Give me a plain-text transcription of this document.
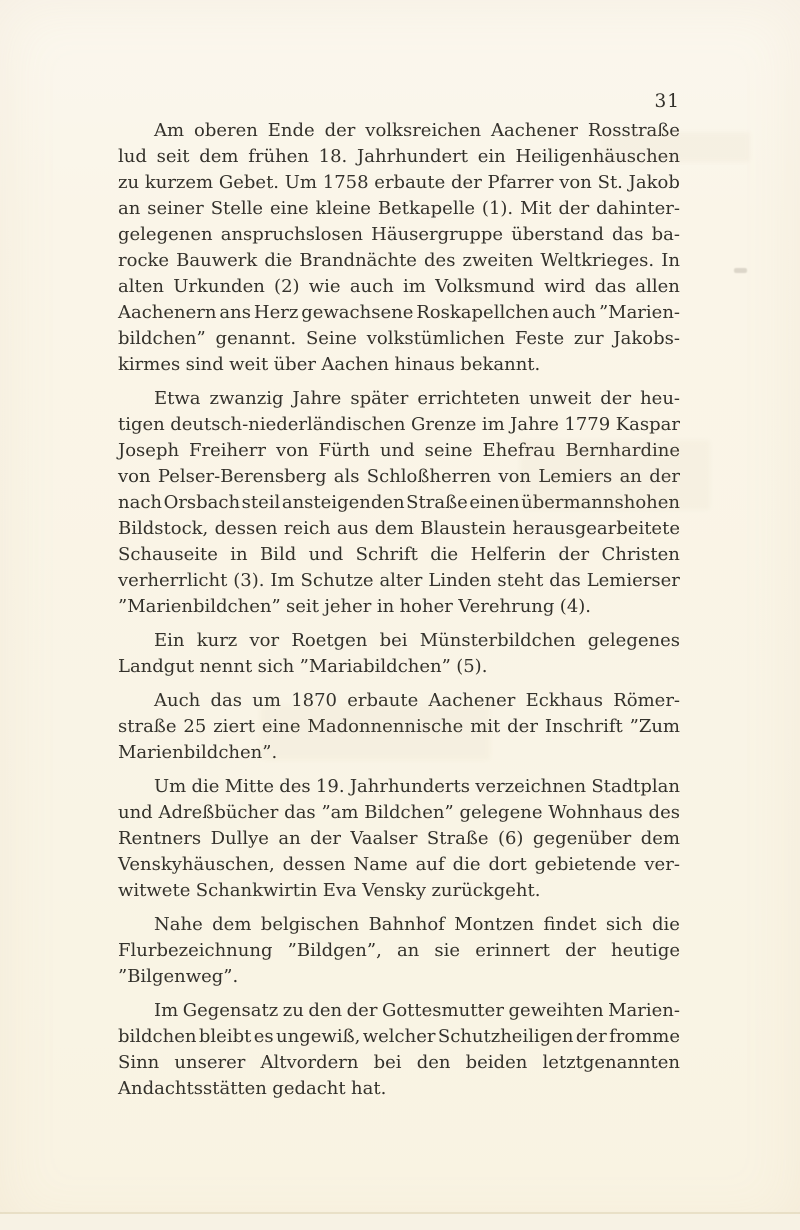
31
Am oberen Ende der volksreichen Aachener Rosstraße
lud seit dem frühen 18. Jahrhundert ein Heiligenhäuschen
zu kurzem Gebet. Um 1758 erbaute der Pfarrer von St. Jakob
an seiner Stelle eine kleine Betkapelle (1). Mit der dahinter-
gelegenen anspruchslosen Häusergruppe überstand das ba-
rocke Bauwerk die Brandnächte des zweiten Weltkrieges. In
alten Urkunden (2) wie auch im Volksmund wird das allen
Aachenern ans Herz gewachsene Roskapellchen auch ”Marien-
bildchen” genannt. Seine volkstümlichen Feste zur Jakobs-
kirmes sind weit über Aachen hinaus bekannt.
Etwa zwanzig Jahre später errichteten unweit der heu-
tigen deutsch-niederländischen Grenze im Jahre 1779 Kaspar
Joseph Freiherr von Fürth und seine Ehefrau Bernhardine
von Pelser-Berensberg als Schloßherren von Lemiers an der
nach Orsbach steil ansteigenden Straße einen übermannshohen
Bildstock, dessen reich aus dem Blaustein herausgearbeitete
Schauseite in Bild und Schrift die Helferin der Christen
verherrlicht (3). Im Schutze alter Linden steht das Lemierser
”Marienbildchen” seit jeher in hoher Verehrung (4).
Ein kurz vor Roetgen bei Münsterbildchen gelegenes
Landgut nennt sich ”Mariabildchen” (5).
Auch das um 1870 erbaute Aachener Eckhaus Römer-
straße 25 ziert eine Madonnennische mit der Inschrift ”Zum
Marienbildchen”.
Um die Mitte des 19. Jahrhunderts verzeichnen Stadtplan
und Adreßbücher das ”am Bildchen” gelegene Wohnhaus des
Rentners Dullye an der Vaalser Straße (6) gegenüber dem
Venskyhäuschen, dessen Name auf die dort gebietende ver-
witwete Schankwirtin Eva Vensky zurückgeht.
Nahe dem belgischen Bahnhof Montzen findet sich die
Flurbezeichnung ”Bildgen”, an sie erinnert der heutige
”Bilgenweg”.
Im Gegensatz zu den der Gottesmutter geweihten Marien-
bildchen bleibt es ungewiß, welcher Schutzheiligen der fromme
Sinn unserer Altvordern bei den beiden letztgenannten
Andachtsstätten gedacht hat.
